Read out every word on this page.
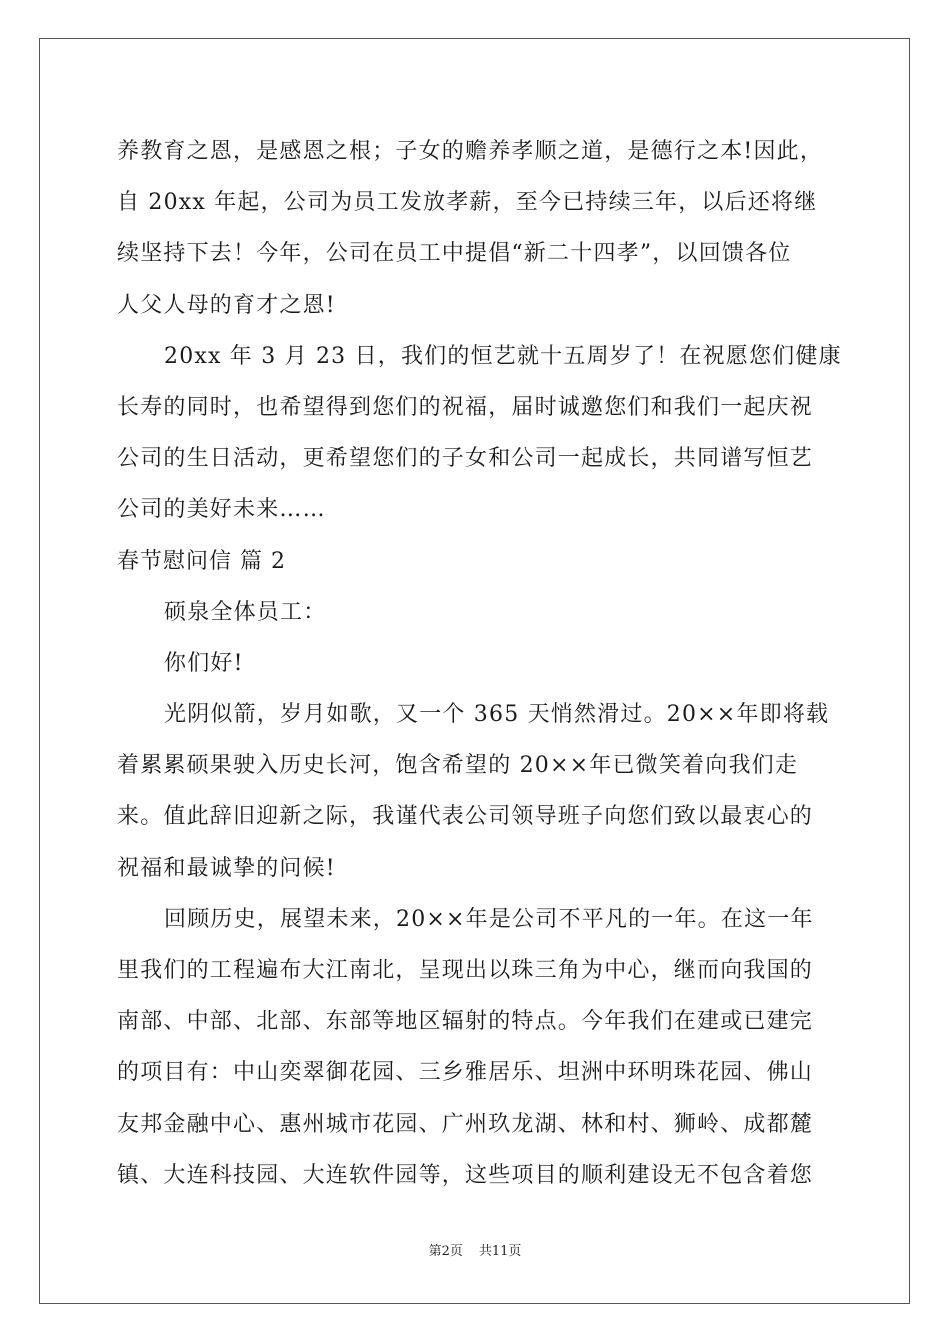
养教育之恩，是感恩之根；子女的赡养孝顺之道，是德行之本!因此，
自 20xx 年起，公司为员工发放孝薪，至今已持续三年，以后还将继
续坚持下去！今年，公司在员工中提倡“新二十四孝”，以回馈各位
人父人母的育才之恩!
20xx 年 3 月 23 日，我们的恒艺就十五周岁了！在祝愿您们健康
长寿的同时，也希望得到您们的祝福，届时诚邀您们和我们一起庆祝
公司的生日活动，更希望您们的子女和公司一起成长，共同谱写恒艺
公司的美好未来……
春节慰问信 篇 2
硕泉全体员工：
你们好!
光阴似箭，岁月如歌，又一个 365 天悄然滑过。20××年即将载
着累累硕果驶入历史长河，饱含希望的 20××年已微笑着向我们走
来。值此辞旧迎新之际，我谨代表公司领导班子向您们致以最衷心的
祝福和最诚挚的问候!
回顾历史，展望未来，20××年是公司不平凡的一年。在这一年
里我们的工程遍布大江南北，呈现出以珠三角为中心，继而向我国的
南部、中部、北部、东部等地区辐射的特点。今年我们在建或已建完
的项目有：中山奕翠御花园、三乡雅居乐、坦洲中环明珠花园、佛山
友邦金融中心、惠州城市花园、广州玖龙湖、林和村、狮岭、成都麓
镇、大连科技园、大连软件园等，这些项目的顺利建设无不包含着您
第2页 共11页
